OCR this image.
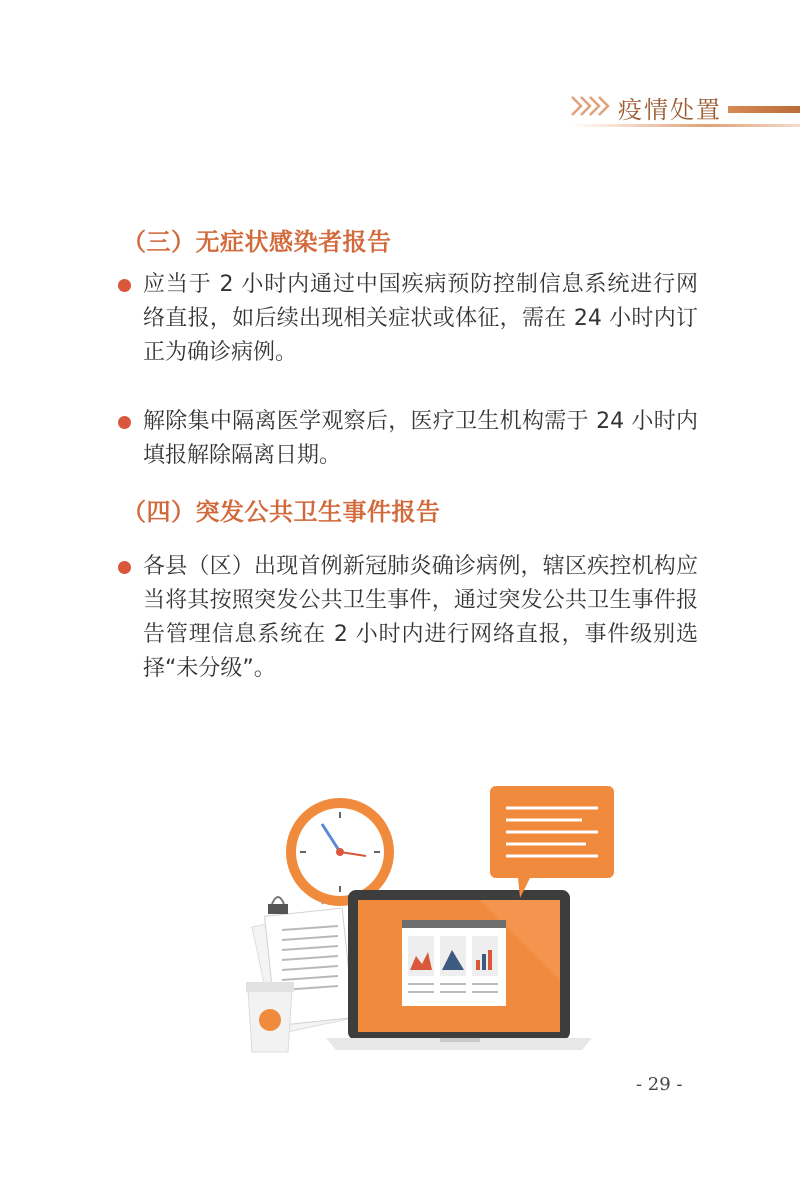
疫情处置
（三）无症状感染者报告
应当于 2 小时内通过中国疾病预防控制信息系统进行网络直报，如后续出现相关症状或体征，需在 24 小时内订正为确诊病例。
解除集中隔离医学观察后，医疗卫生机构需于 24 小时内填报解除隔离日期。
（四）突发公共卫生事件报告
各县（区）出现首例新冠肺炎确诊病例，辖区疾控机构应当将其按照突发公共卫生事件，通过突发公共卫生事件报告管理信息系统在 2 小时内进行网络直报，事件级别选择“未分级”。
- 29 -
